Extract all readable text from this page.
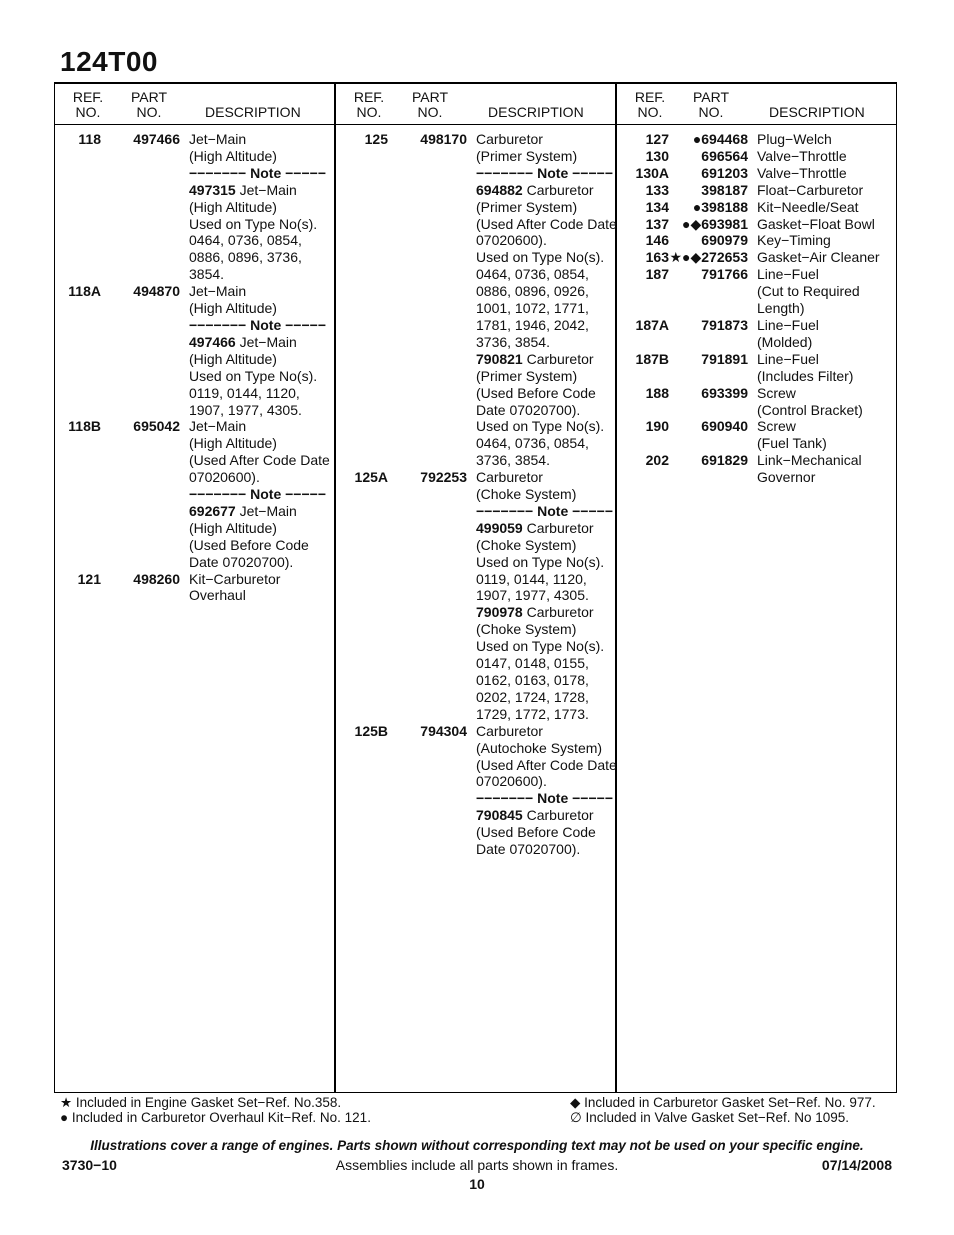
124T00
REF.
NO.
PART
NO.	DESCRIPTION
118	497466 Jet−Main
(High Altitude)
−−−−−−− Note −−−−−
497315 Jet−Main
(High Altitude)
Used on Type No(s).
0464, 0736, 0854,
0886, 0896, 3736,
3854.
118A	494870 Jet−Main
(High Altitude)
−−−−−−− Note −−−−−
497466 Jet−Main
(High Altitude)
Used on Type No(s).
0119, 0144, 1120,
1907, 1977, 4305.
118B	695042 Jet−Main
(High Altitude)
(Used After Code Date
07020600).
−−−−−−− Note −−−−−
692677 Jet−Main
(High Altitude)
(Used Before Code
Date 07020700).
121	498260 Kit−Carburetor
Overhaul
REF.
NO.
PART
NO.	DESCRIPTION
125	498170 Carburetor
(Primer System)
−−−−−−− Note −−−−−
694882 Carburetor
(Primer System)
(Used After Code Date
07020600).
Used on Type No(s).
0464, 0736, 0854,
0886, 0896, 0926,
1001, 1072, 1771,
1781, 1946, 2042,
3736, 3854.
790821 Carburetor
(Primer System)
(Used Before Code
Date 07020700).
Used on Type No(s).
0464, 0736, 0854,
3736, 3854.
125A	792253 Carburetor
(Choke System)
−−−−−−− Note −−−−−
499059 Carburetor
(Choke System)
Used on Type No(s).
0119, 0144, 1120,
1907, 1977, 4305.
790978 Carburetor
(Choke System)
Used on Type No(s).
0147, 0148, 0155,
0162, 0163, 0178,
0202, 1724, 1728,
1729, 1772, 1773.
125B	794304 Carburetor
(Autochoke System)
(Used After Code Date
07020600).
−−−−−−− Note −−−−−
790845 Carburetor
(Used Before Code
Date 07020700).
REF.
NO.
PART
NO.	DESCRIPTION
127	●694468 Plug−Welch
130	696564 Valve−Throttle
130A	691203 Valve−Throttle
133	398187 Float−Carburetor
134	●398188 Kit−Needle/Seat
137 ●◆693981 Gasket−Float Bowl
146	690979 Key−Timing
163 ★●◆272653 Gasket−Air Cleaner
187	791766 Line−Fuel
(Cut to Required
Length)
187A	791873 Line−Fuel
(Molded)
187B	791891 Line−Fuel
(Includes Filter)
188	693399 Screw
(Control Bracket)
190	690940 Screw
(Fuel Tank)
202	691829 Link−Mechanical
Governor
★ Included in Engine Gasket Set−Ref. No.358.
● Included in Carburetor Overhaul Kit−Ref. No. 121.
◆ Included in Carburetor Gasket Set−Ref. No. 977.
∅ Included in Valve Gasket Set−Ref. No 1095.
Illustrations cover a range of engines. Parts shown without corresponding text may not be used on your specific engine.
3730−10	Assemblies include all parts shown in frames.	07/14/2008
10
